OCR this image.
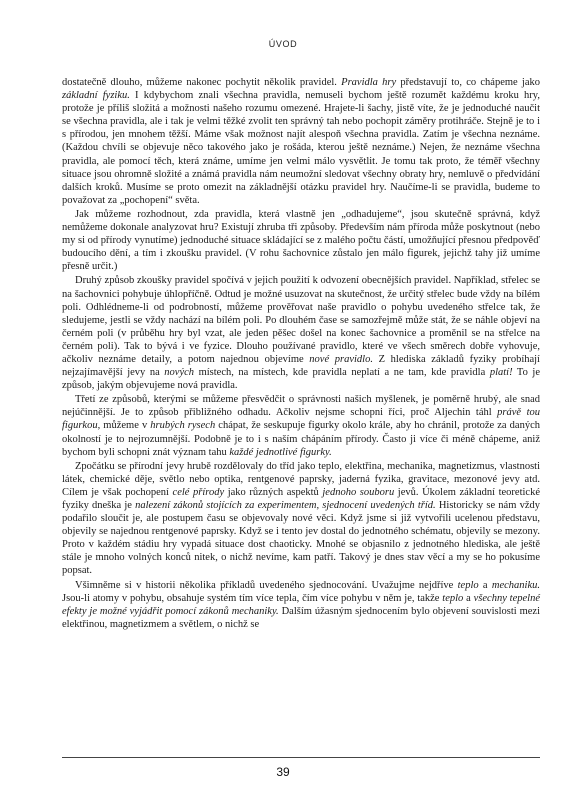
ÚVOD

dostatečně dlouho, můžeme nakonec pochytit několik pravidel. Pravidla hry představují to, co chápeme jako základní fyziku. I kdybychom znali všechna pravidla, nemuseli bychom ještě rozumět každému kroku hry, protože je příliš složitá a možnosti našeho rozumu omezené. Hrajete-li šachy, jistě víte, že je jednoduché naučit se všechna pravidla, ale i tak je velmi těžké zvolit ten správný tah nebo pochopit záměry protihráče. Stejně je to i s přírodou, jen mnohem těžší. Máme však možnost najít alespoň všechna pravidla. Zatím je všechna neznáme. (Každou chvíli se objevuje něco takového jako je rošáda, kterou ještě neznáme.) Nejen, že neznáme všechna pravidla, ale pomocí těch, která známe, umíme jen velmi málo vysvětlit. Je tomu tak proto, že téměř všechny situace jsou ohromně složité a známá pravidla nám neumožní sledovat všechny obraty hry, nemluvě o předvídání dalších kroků. Musíme se proto omezit na základnější otázku pravidel hry. Naučíme-li se pravidla, budeme to považovat za „pochopení“ světa.

Jak můžeme rozhodnout, zda pravidla, která vlastně jen „odhadujeme“, jsou skutečně správná, když nemůžeme dokonale analyzovat hru? Existují zhruba tři způsoby. Především nám příroda může poskytnout (nebo my si od přírody vynutíme) jednoduché situace skládající se z malého počtu částí, umožňující přesnou předpověď budoucího dění, a tím i zkoušku pravidel. (V rohu šachovnice zůstalo jen málo figurek, jejichž tahy již umíme přesně určit.)

Druhý způsob zkoušky pravidel spočívá v jejich použití k odvození obecnějších pravidel. Například, střelec se na šachovnici pohybuje úhlopříčně. Odtud je možné usuzovat na skutečnost, že určitý střelec bude vždy na bílém poli. Odhlédneme-li od podrobností, můžeme prověřovat naše pravidlo o pohybu uvedeného střelce tak, že sledujeme, jestli se vždy nachází na bílém poli. Po dlouhém čase se samozřejmě může stát, že se náhle objeví na černém poli (v průběhu hry byl vzat, ale jeden pěšec došel na konec šachovnice a proměnil se na střelce na černém poli). Tak to bývá i ve fyzice. Dlouho používané pravidlo, které ve všech směrech dobře vyhovuje, ačkoliv neznáme detaily, a potom najednou objevíme nové pravidlo. Z hlediska základů fyziky probíhají nejzajímavější jevy na nových místech, na místech, kde pravidla neplatí a ne tam, kde pravidla platí! To je způsob, jakým objevujeme nová pravidla.

Třetí ze způsobů, kterými se můžeme přesvědčit o správnosti našich myšlenek, je poměrně hrubý, ale snad nejúčinnější. Je to způsob přibližného odhadu. Ačkoliv nejsme schopni říci, proč Aljechin táhl právě tou figurkou, můžeme v hrubých rysech chápat, že seskupuje figurky okolo krále, aby ho chránil, protože za daných okolností je to nejrozumnější. Podobně je to i s naším chápáním přírody. Často ji více či méně chápeme, aniž bychom byli schopni znát význam tahu každé jednotlivé figurky.

Zpočátku se přírodní jevy hrubě rozdělovaly do tříd jako teplo, elektřina, mechanika, magnetizmus, vlastnosti látek, chemické děje, světlo nebo optika, rentgenové paprsky, jaderná fyzika, gravitace, mezonové jevy atd. Cílem je však pochopení celé přírody jako různých aspektů jednoho souboru jevů. Úkolem základní teoretické fyziky dneška je nalezení zákonů stojících za experimentem, sjednocení uvedených tříd. Historicky se nám vždy podařilo sloučit je, ale postupem času se objevovaly nové věci. Když jsme si již vytvořili ucelenou představu, objevily se najednou rentgenové paprsky. Když se i tento jev dostal do jednotného schématu, objevily se mezony. Proto v každém stádiu hry vypadá situace dost chaoticky. Mnohé se objasnilo z jednotného hlediska, ale ještě stále je mnoho volných konců nitek, o nichž nevíme, kam patří. Takový je dnes stav věcí a my se ho pokusíme popsat.

Všimněme si v historii několika příkladů uvedeného sjednocování. Uvažujme nejdříve teplo a mechaniku. Jsou-li atomy v pohybu, obsahuje systém tím více tepla, čím více pohybu v něm je, takže teplo a všechny tepelné efekty je možné vyjádřit pomocí zákonů mechaniky. Dalším úžasným sjednocením bylo objevení souvislosti mezi elektřinou, magnetizmem a světlem, o nichž se

39
